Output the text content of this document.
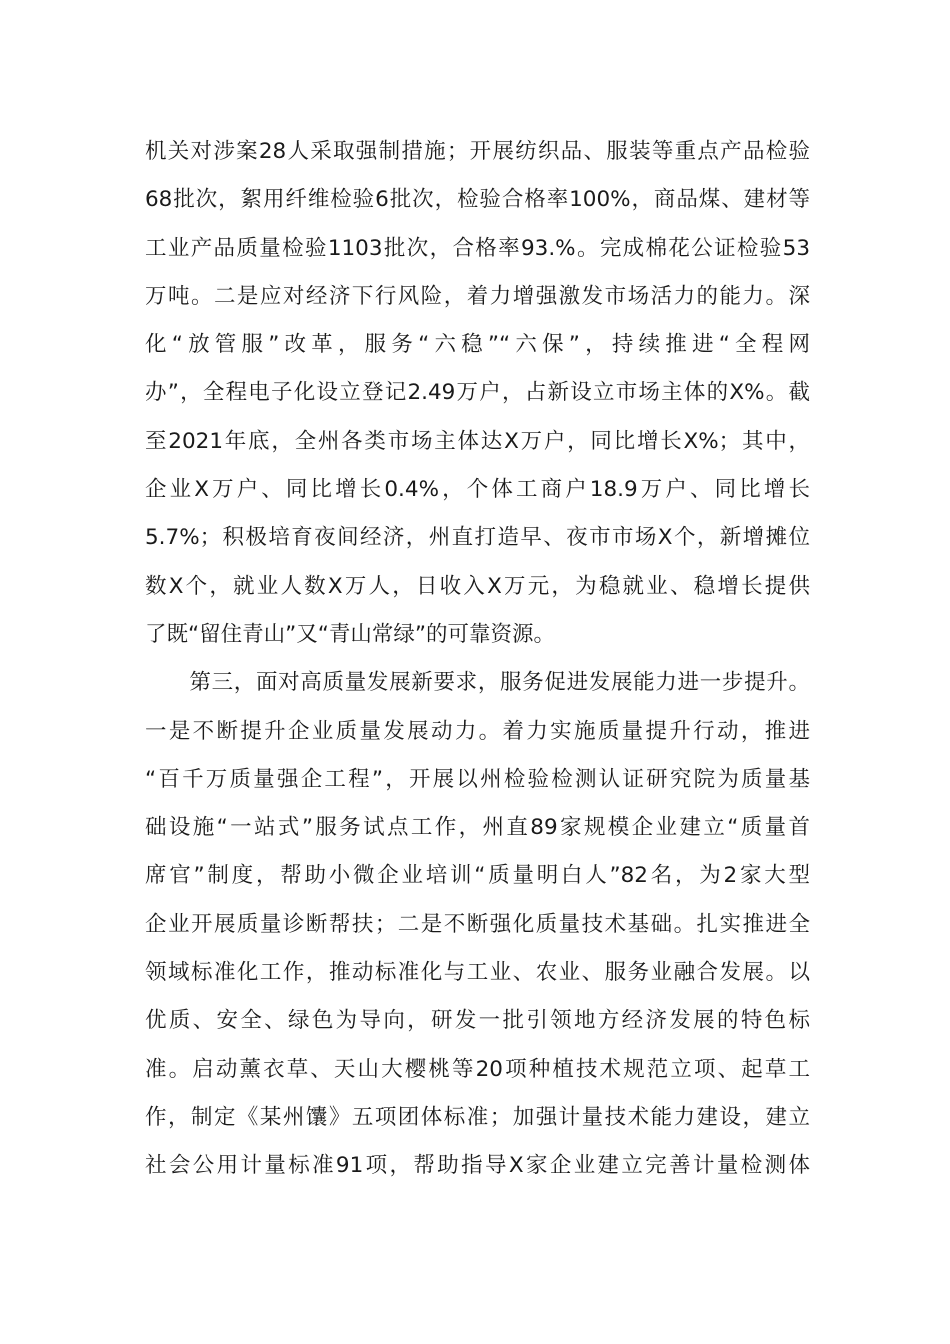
机关对涉案28人采取强制措施；开展纺织品、服装等重点产品检验
68批次，絮用纤维检验6批次，检验合格率100%，商品煤、建材等
工业产品质量检验1103批次，合格率93.%。完成棉花公证检验53
万吨。二是应对经济下行风险，着力增强激发市场活力的能力。深
化“放管服”改革，服务“六稳”“六保”，持续推进“全程网
办”，全程电子化设立登记2.49万户，占新设立市场主体的X%。截
至2021年底，全州各类市场主体达X万户，同比增长X%；其中，
企业X万户、同比增长0.4%，个体工商户18.9万户、同比增长
5.7%；积极培育夜间经济，州直打造早、夜市市场X个，新增摊位
数X个，就业人数X万人，日收入X万元，为稳就业、稳增长提供
了既“留住青山”又“青山常绿”的可靠资源。
　　第三，面对高质量发展新要求，服务促进发展能力进一步提升。
一是不断提升企业质量发展动力。着力实施质量提升行动，推进
“百千万质量强企工程”，开展以州检验检测认证研究院为质量基
础设施“一站式”服务试点工作，州直89家规模企业建立“质量首
席官”制度，帮助小微企业培训“质量明白人”82名，为2家大型
企业开展质量诊断帮扶；二是不断强化质量技术基础。扎实推进全
领域标准化工作，推动标准化与工业、农业、服务业融合发展。以
优质、安全、绿色为导向，研发一批引领地方经济发展的特色标
准。启动薰衣草、天山大樱桃等20项种植技术规范立项、起草工
作，制定《某州馕》五项团体标准；加强计量技术能力建设，建立
社会公用计量标准91项，帮助指导X家企业建立完善计量检测体
